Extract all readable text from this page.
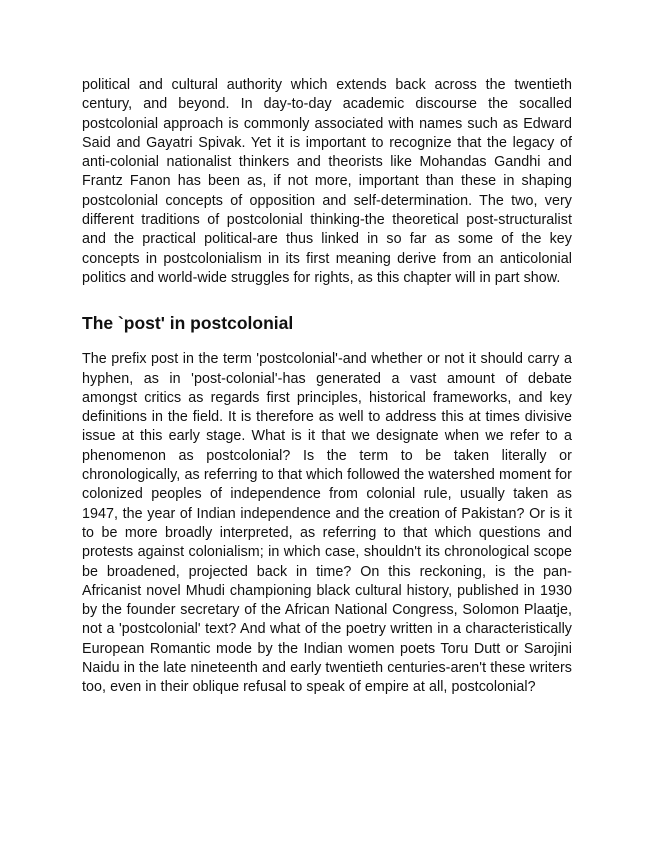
political and cultural authority which extends back across the twentieth century, and beyond. In day-to-day academic discourse the socalled postcolonial approach is commonly associated with names such as Edward Said and Gayatri Spivak. Yet it is important to recognize that the legacy of anti-colonial nationalist thinkers and theorists like Mohandas Gandhi and Frantz Fanon has been as, if not more, important than these in shaping postcolonial concepts of opposition and self-determination. The two, very different traditions of postcolonial thinking-the theoretical post-structuralist and the practical political-are thus linked in so far as some of the key concepts in postcolonialism in its first meaning derive from an anticolonial politics and world-wide struggles for rights, as this chapter will in part show.

The `post' in postcolonial

The prefix post in the term 'postcolonial'-and whether or not it should carry a hyphen, as in 'post-colonial'-has generated a vast amount of debate amongst critics as regards first principles, historical frameworks, and key definitions in the field. It is therefore as well to address this at times divisive issue at this early stage. What is it that we designate when we refer to a phenomenon as postcolonial? Is the term to be taken literally or chronologically, as referring to that which followed the watershed moment for colonized peoples of independence from colonial rule, usually taken as 1947, the year of Indian independence and the creation of Pakistan? Or is it to be more broadly interpreted, as referring to that which questions and protests against colonialism; in which case, shouldn't its chronological scope be broadened, projected back in time? On this reckoning, is the pan-Africanist novel Mhudi championing black cultural history, published in 1930 by the founder secretary of the African National Congress, Solomon Plaatje, not a 'postcolonial' text? And what of the poetry written in a characteristically European Romantic mode by the Indian women poets Toru Dutt or Sarojini Naidu in the late nineteenth and early twentieth centuries-aren't these writers too, even in their oblique refusal to speak of empire at all, postcolonial?
